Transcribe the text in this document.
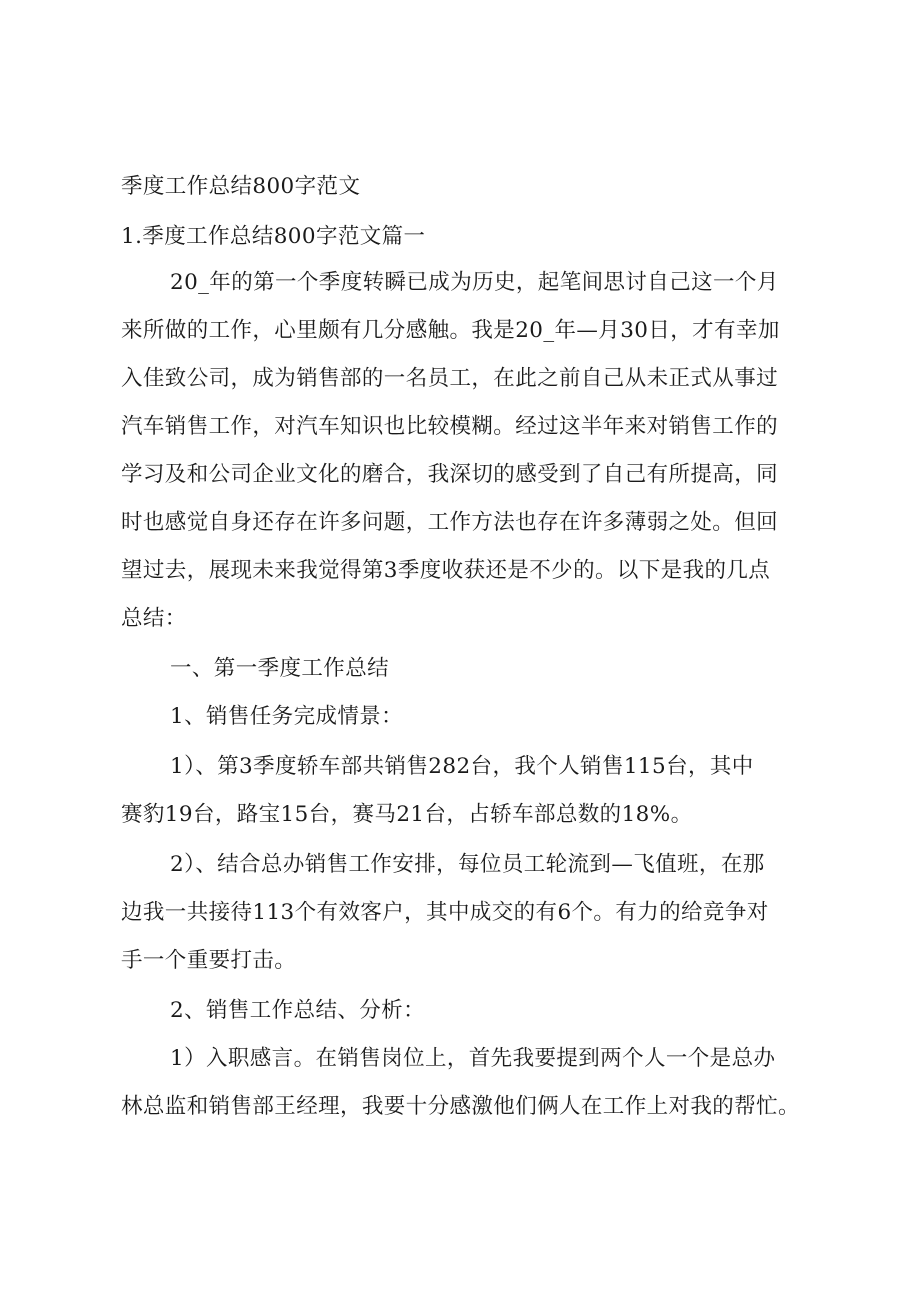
季度工作总结800字范文
1.季度工作总结800字范文篇一
20_年的第一个季度转瞬已成为历史，起笔间思讨自己这一个月
来所做的工作，心里颇有几分感触。我是20_年—月30日，才有幸加
入佳致公司，成为销售部的一名员工，在此之前自己从未正式从事过
汽车销售工作，对汽车知识也比较模糊。经过这半年来对销售工作的
学习及和公司企业文化的磨合，我深切的感受到了自己有所提高，同
时也感觉自身还存在许多问题，工作方法也存在许多薄弱之处。但回
望过去，展现未来我觉得第3季度收获还是不少的。以下是我的几点
总结：
一、第一季度工作总结
1、销售任务完成情景：
1）、第3季度轿车部共销售282台，我个人销售115台，其中
赛豹19台，路宝15台，赛马21台，占轿车部总数的18%。
2）、结合总办销售工作安排，每位员工轮流到—飞值班，在那
边我一共接待113个有效客户，其中成交的有6个。有力的给竞争对
手一个重要打击。
2、销售工作总结、分析：
1）入职感言。在销售岗位上，首先我要提到两个人一个是总办
林总监和销售部王经理，我要十分感激他们俩人在工作上对我的帮忙。
